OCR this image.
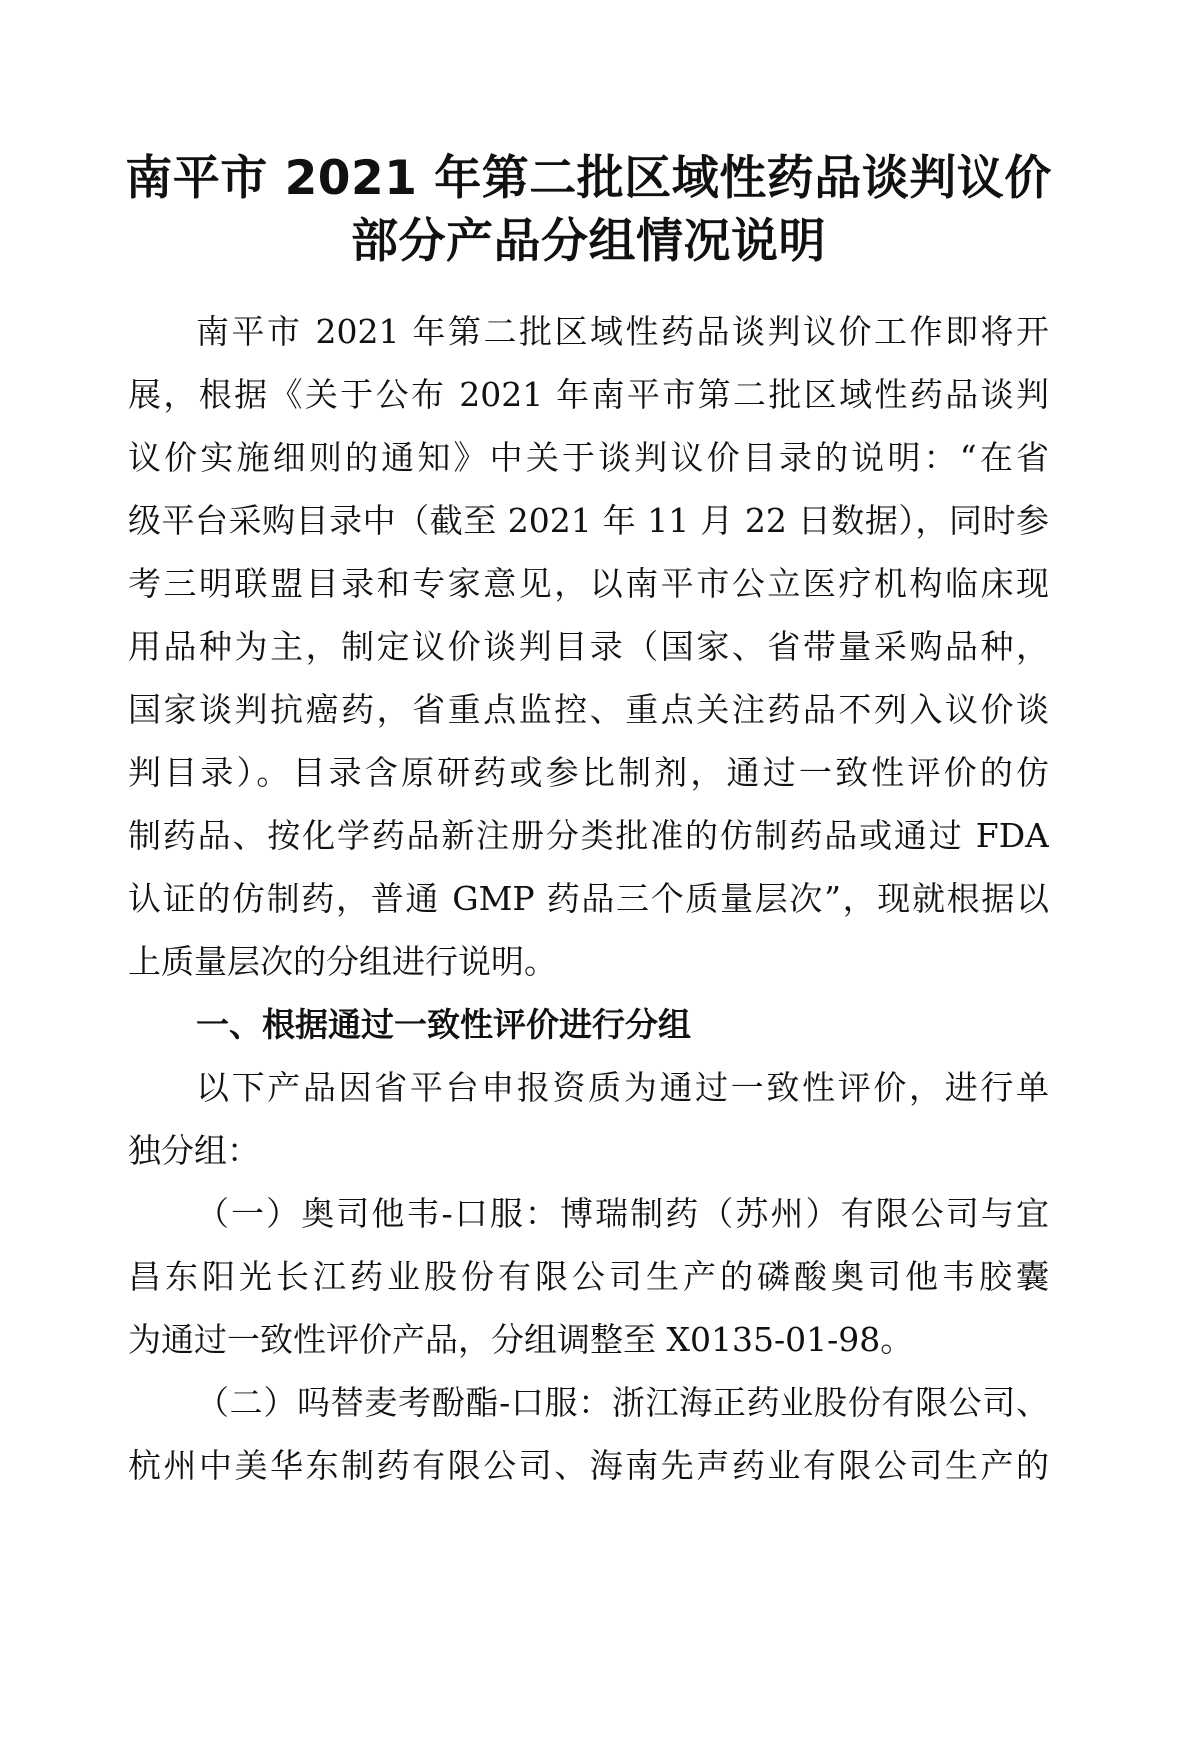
南平市 2021 年第二批区域性药品谈判议价
部分产品分组情况说明
南平市 2021 年第二批区域性药品谈判议价工作即将开
展，根据《关于公布 2021 年南平市第二批区域性药品谈判
议价实施细则的通知》中关于谈判议价目录的说明：“在省
级平台采购目录中（截至 2021 年 11 月 22 日数据），同时参
考三明联盟目录和专家意见，以南平市公立医疗机构临床现
用品种为主，制定议价谈判目录（国家、省带量采购品种，
国家谈判抗癌药，省重点监控、重点关注药品不列入议价谈
判目录）。目录含原研药或参比制剂，通过一致性评价的仿
制药品、按化学药品新注册分类批准的仿制药品或通过 FDA
认证的仿制药，普通 GMP 药品三个质量层次”，现就根据以
上质量层次的分组进行说明。
一、根据通过一致性评价进行分组
以下产品因省平台申报资质为通过一致性评价，进行单
独分组：
（一）奥司他韦-口服：博瑞制药（苏州）有限公司与宜
昌东阳光长江药业股份有限公司生产的磷酸奥司他韦胶囊
为通过一致性评价产品，分组调整至 X0135-01-98。
（二）吗替麦考酚酯-口服：浙江海正药业股份有限公司、
杭州中美华东制药有限公司、海南先声药业有限公司生产的
